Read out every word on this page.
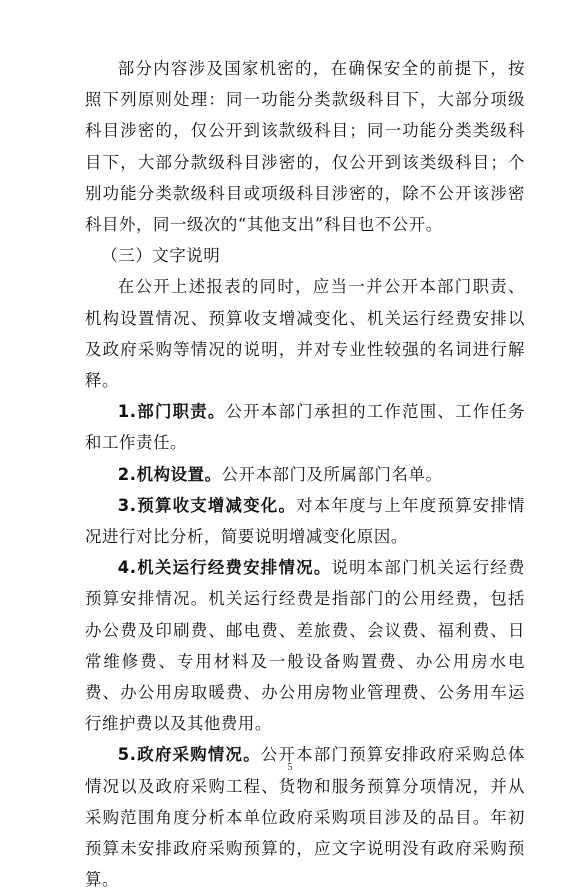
部分内容涉及国家机密的，在确保安全的前提下，按照下列原则处理：同一功能分类款级科目下，大部分项级科目涉密的，仅公开到该款级科目；同一功能分类类级科目下，大部分款级科目涉密的，仅公开到该类级科目；个别功能分类款级科目或项级科目涉密的，除不公开该涉密科目外，同一级次的“其他支出”科目也不公开。

（三）文字说明

在公开上述报表的同时，应当一并公开本部门职责、机构设置情况、预算收支增减变化、机关运行经费安排以及政府采购等情况的说明，并对专业性较强的名词进行解释。

1.部门职责。公开本部门承担的工作范围、工作任务和工作责任。

2.机构设置。公开本部门及所属部门名单。

3.预算收支增减变化。对本年度与上年度预算安排情况进行对比分析，简要说明增减变化原因。

4.机关运行经费安排情况。说明本部门机关运行经费预算安排情况。机关运行经费是指部门的公用经费，包括办公费及印刷费、邮电费、差旅费、会议费、福利费、日常维修费、专用材料及一般设备购置费、办公用房水电费、办公用房取暖费、办公用房物业管理费、公务用车运行维护费以及其他费用。

5.政府采购情况。公开本部门预算安排政府采购总体情况以及政府采购工程、货物和服务预算分项情况，并从采购范围角度分析本单位政府采购项目涉及的品目。年初预算未安排政府采购预算的，应文字说明没有政府采购预算。

5
